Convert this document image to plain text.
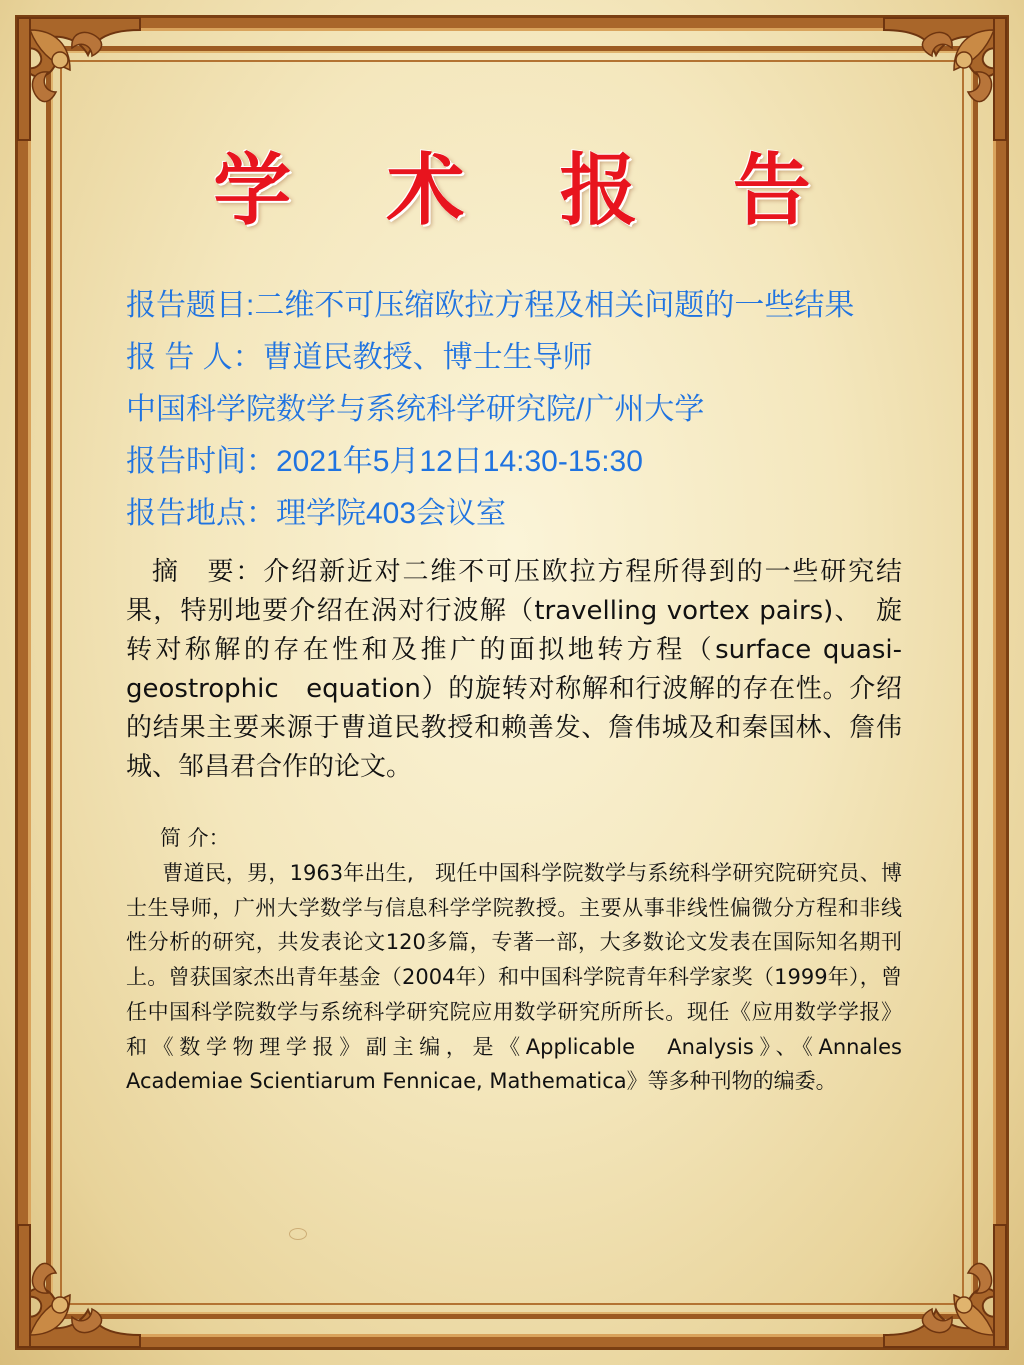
学 术 报 告
报告题目:二维不可压缩欧拉方程及相关问题的一些结果
报 告 人：曹道民教授、博士生导师
中国科学院数学与系统科学研究院/广州大学
报告时间：2021年5月12日14:30-15:30
报告地点：理学院403会议室
摘　要：介绍新近对二维不可压欧拉方程所得到的一些研究结果，特别地要介绍在涡对行波解（travelling vortex pairs)、　旋转对称解的存在性和及推广的面拟地转方程（surface quasi-geostrophic　equation）的旋转对称解和行波解的存在性。介绍的结果主要来源于曹道民教授和赖善发、詹伟城及和秦国林、詹伟城、邹昌君合作的论文。
简 介：
曹道民，男，1963年出生,　现任中国科学院数学与系统科学研究院研究员、博士生导师，广州大学数学与信息科学学院教授。主要从事非线性偏微分方程和非线性分析的研究，共发表论文120多篇，专著一部，大多数论文发表在国际知名期刊上。曾获国家杰出青年基金（2004年）和中国科学院青年科学家奖（1999年），曾任中国科学院数学与系统科学研究院应用数学研究所所长。现任《应用数学学报》和《数学物理学报》副主编，是《Applicable　Analysis》、《Annales　Academiae Scientiarum Fennicae, Mathematica》等多种刊物的编委。
